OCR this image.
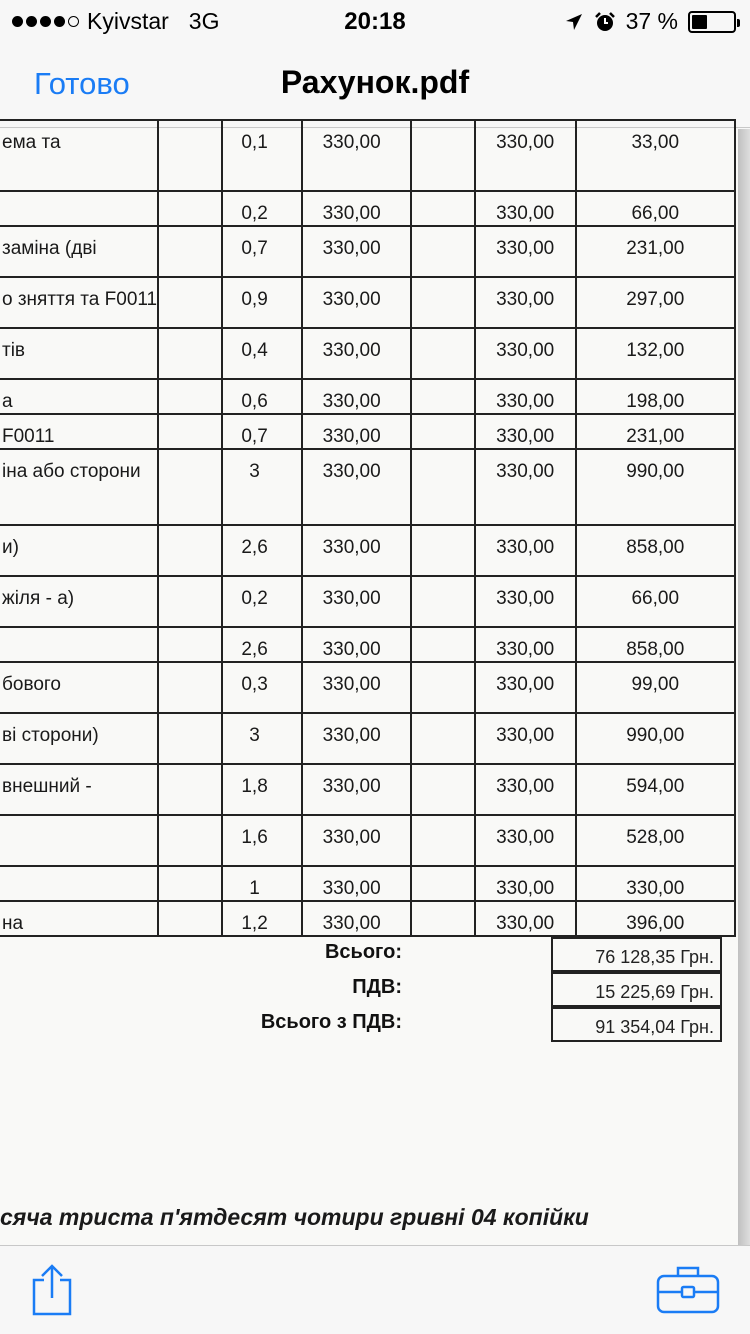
Kyivstar 3G	20:18	37 %
Готово	Рахунок.pdf
ема та		0,1	330,00		330,00	33,00
		0,2	330,00		330,00	66,00
заміна (дві		0,7	330,00		330,00	231,00
о зняття та F0011		0,9	330,00		330,00	297,00
тів		0,4	330,00		330,00	132,00
а		0,6	330,00		330,00	198,00
F0011		0,7	330,00		330,00	231,00
іна або сторони		3	330,00		330,00	990,00
и)		2,6	330,00		330,00	858,00
жіля - а)		0,2	330,00		330,00	66,00
		2,6	330,00		330,00	858,00
бового		0,3	330,00		330,00	99,00
ві сторони)		3	330,00		330,00	990,00
внешний -		1,8	330,00		330,00	594,00
		1,6	330,00		330,00	528,00
		1	330,00		330,00	330,00
на		1,2	330,00		330,00	396,00
Всього:	76 128,35 Грн.
ПДВ:	15 225,69 Грн.
Всього з ПДВ:	91 354,04 Грн.
сяча триста п'ятдесят чотири гривні 04 копійки
